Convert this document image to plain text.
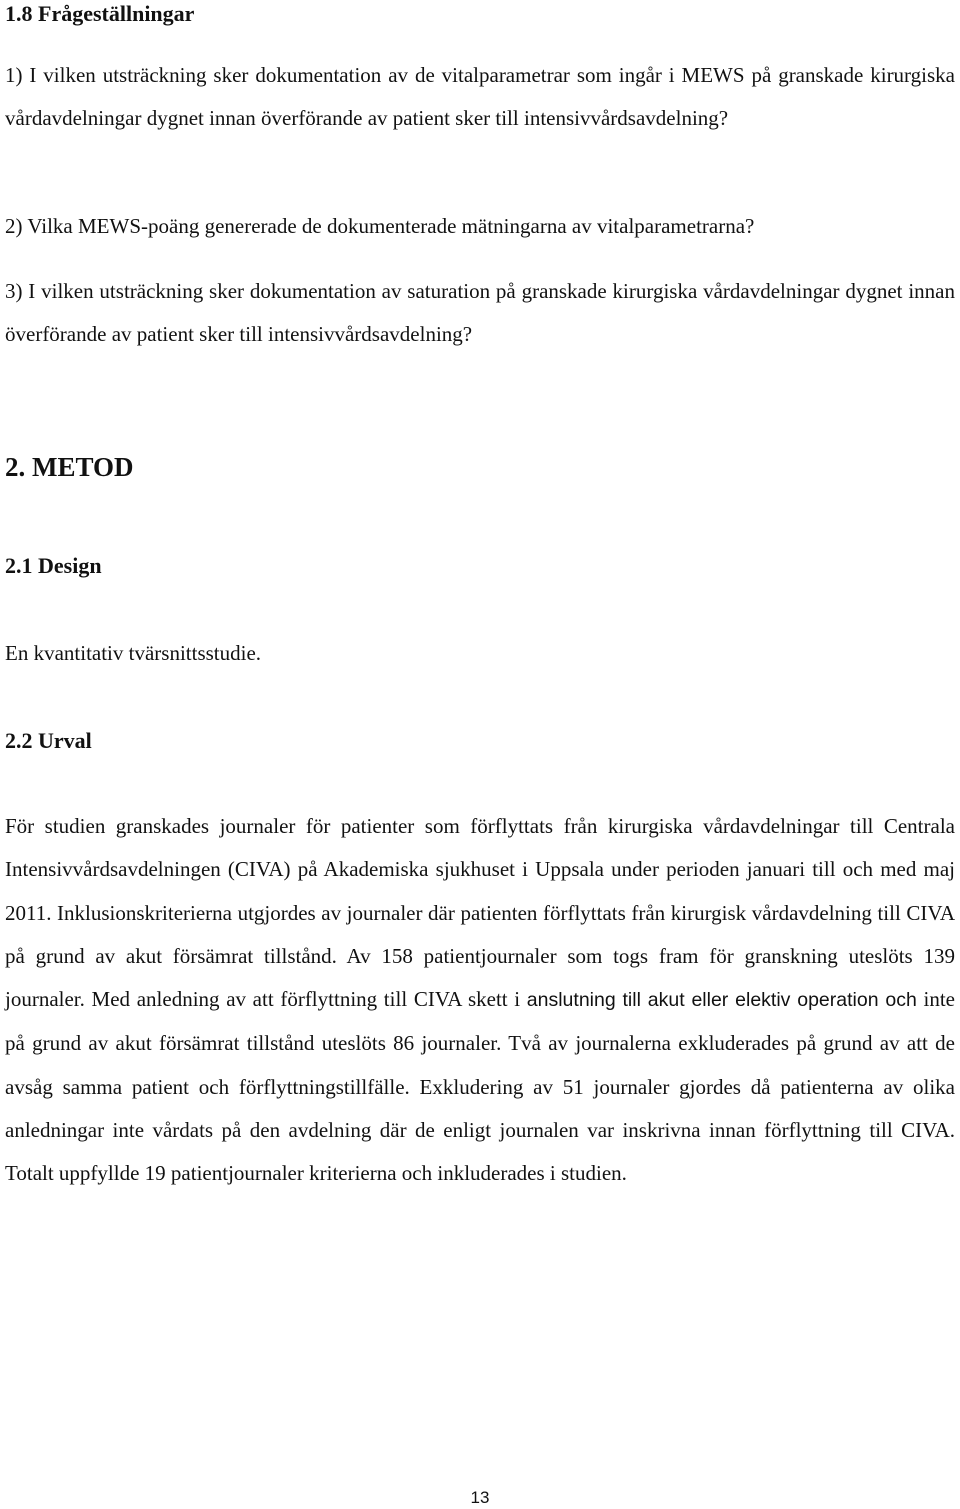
1.8 Frågeställningar

1) I vilken utsträckning sker dokumentation av de vitalparametrar som ingår i MEWS på granskade kirurgiska vårdavdelningar dygnet innan överförande av patient sker till intensivvårdsavdelning?

2) Vilka MEWS-poäng genererade de dokumenterade mätningarna av vitalparametrarna?

3) I vilken utsträckning sker dokumentation av saturation på granskade kirurgiska vårdavdelningar dygnet innan överförande av patient sker till intensivvårdsavdelning?

2. METOD
2.1 Design

En kvantitativ tvärsnittsstudie.

2.2 Urval

För studien granskades journaler för patienter som förflyttats från kirurgiska vårdavdelningar till Centrala Intensivvårdsavdelningen (CIVA) på Akademiska sjukhuset i Uppsala under perioden januari till och med maj 2011. Inklusionskriterierna utgjordes av journaler där patienten förflyttats från kirurgisk vårdavdelning till CIVA på grund av akut försämrat tillstånd. Av 158 patientjournaler som togs fram för granskning uteslöts 139 journaler. Med anledning av att förflyttning till CIVA skett i anslutning till akut eller elektiv operation och inte på grund av akut försämrat tillstånd uteslöts 86 journaler. Två av journalerna exkluderades på grund av att de avsåg samma patient och förflyttningstillfälle. Exkludering av 51 journaler gjordes då patienterna av olika anledningar inte vårdats på den avdelning där de enligt journalen var inskrivna innan förflyttning till CIVA. Totalt uppfyllde 19 patientjournaler kriterierna och inkluderades i studien.

13
